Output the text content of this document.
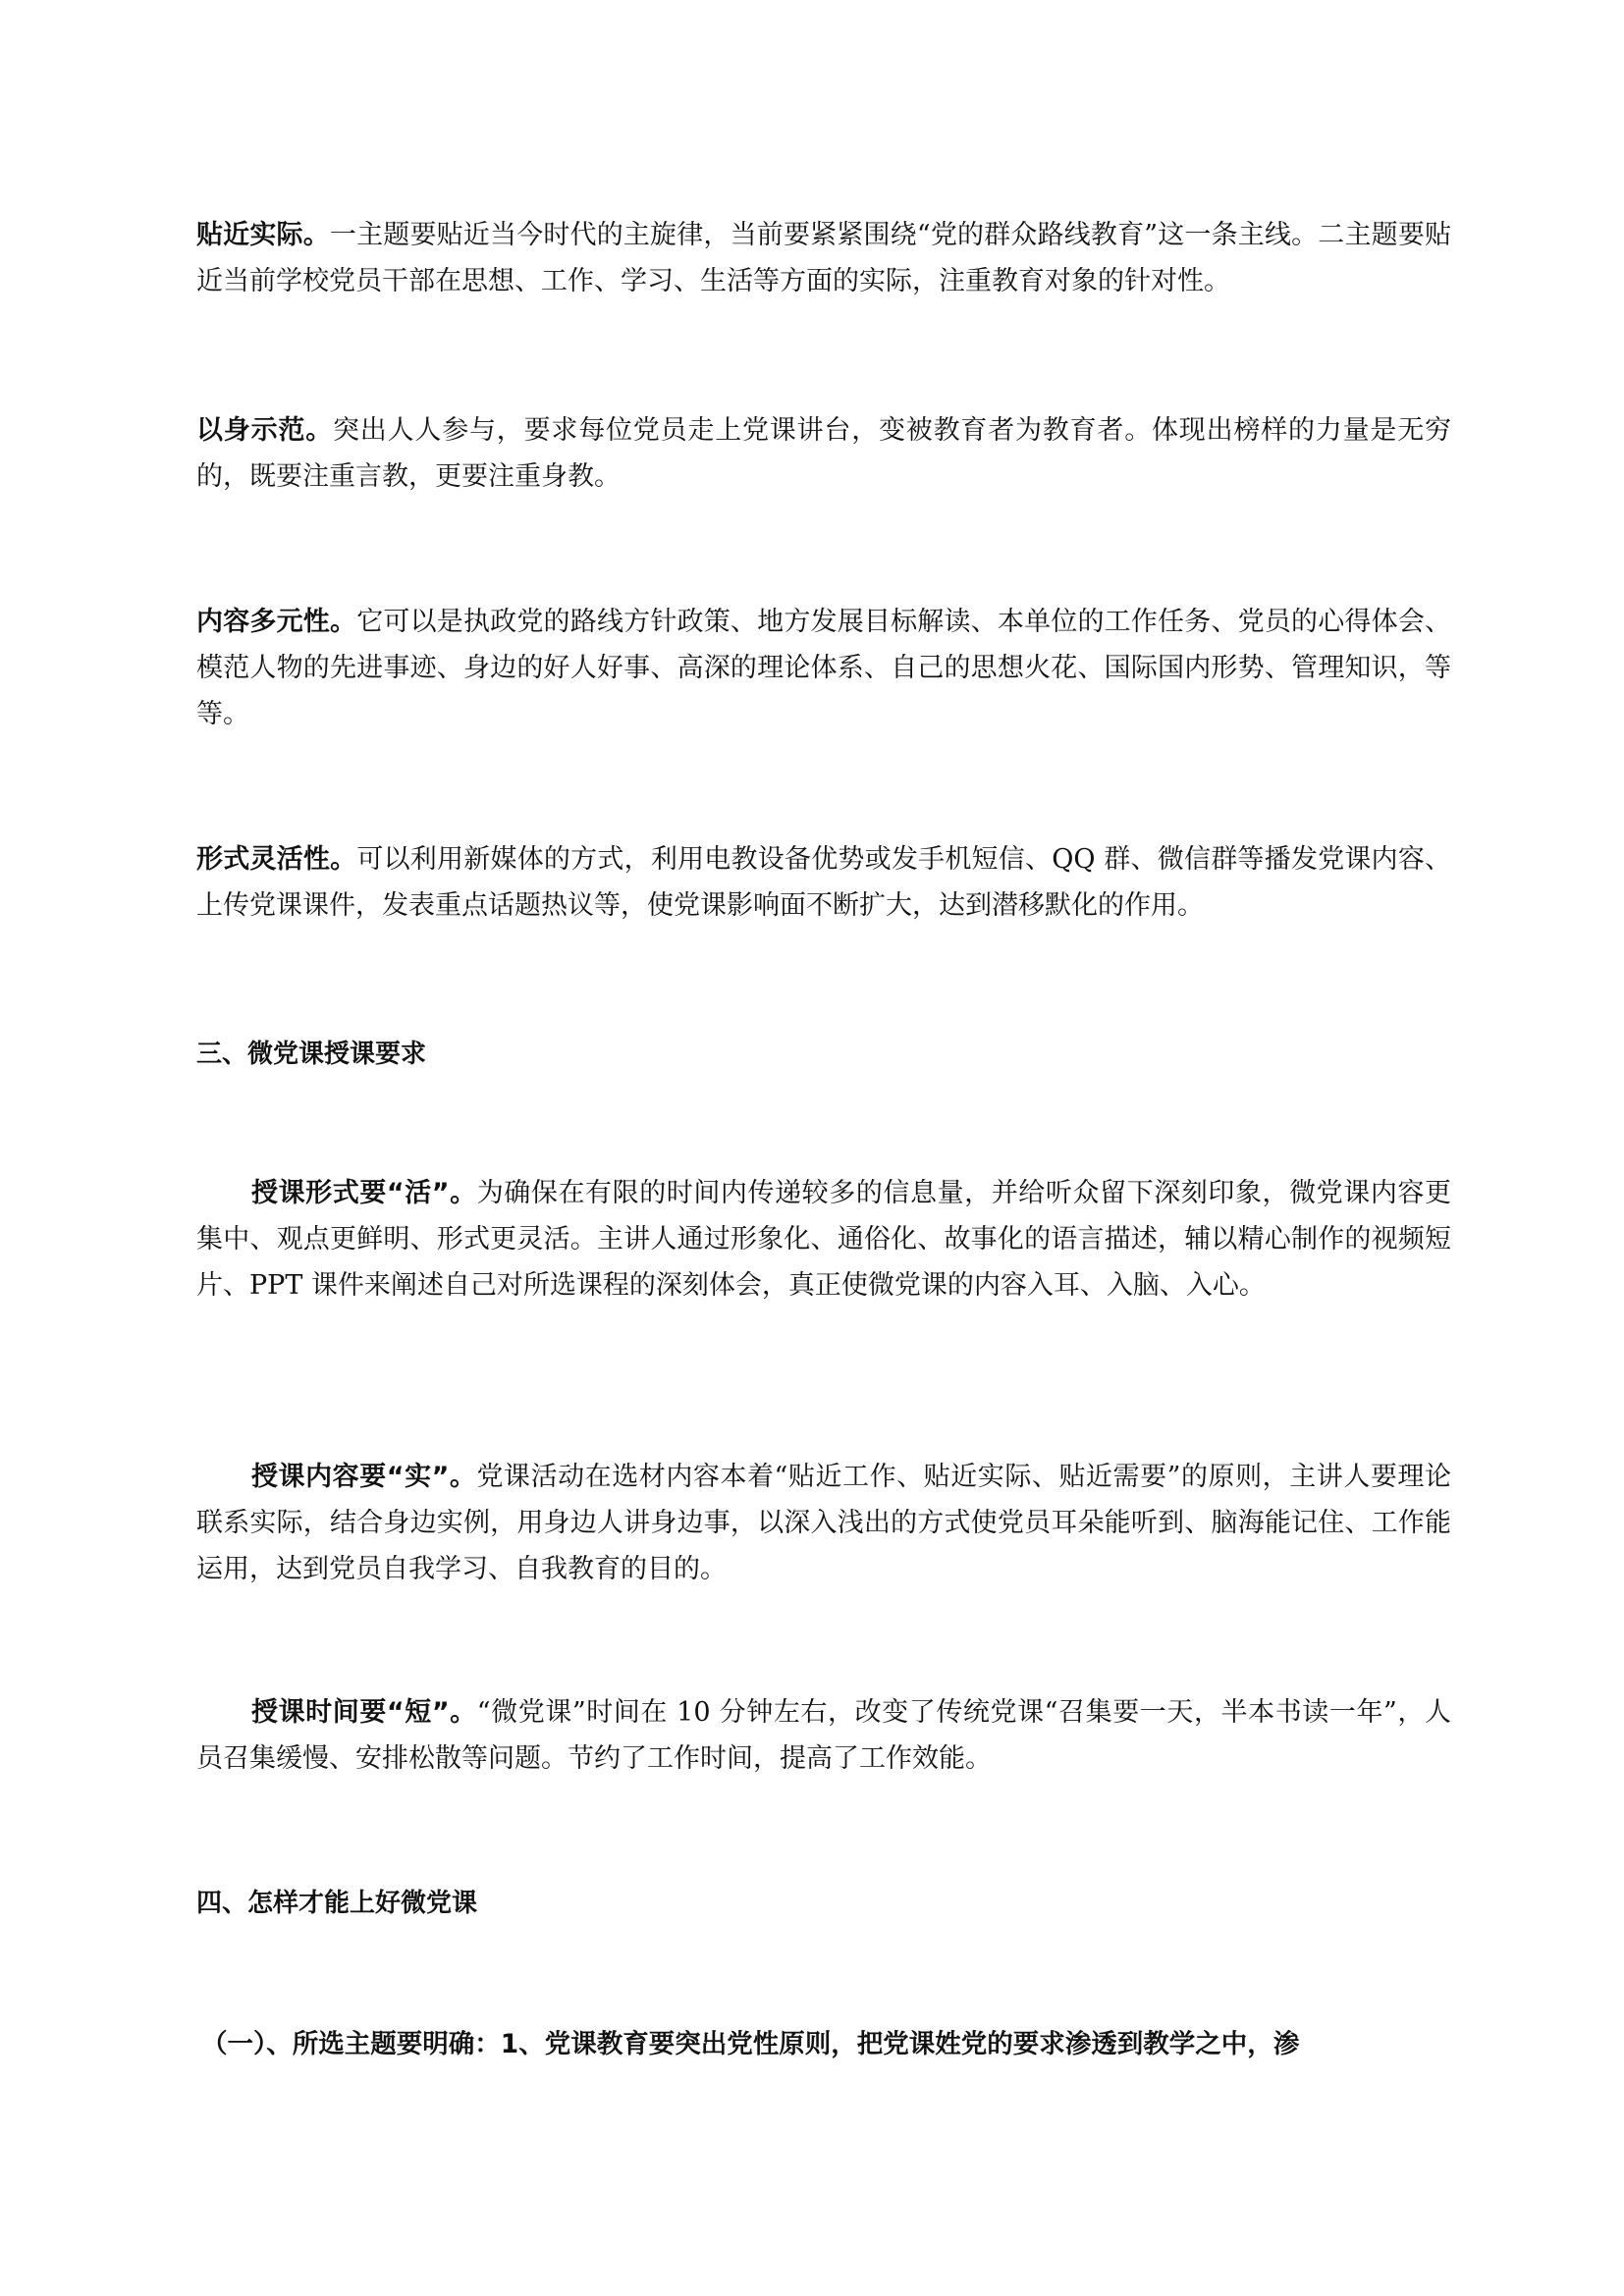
贴近实际。一主题要贴近当今时代的主旋律，当前要紧紧围绕“党的群众路线教育”这一条主线。二主题要贴近当前学校党员干部在思想、工作、学习、生活等方面的实际，注重教育对象的针对性。

以身示范。突出人人参与，要求每位党员走上党课讲台，变被教育者为教育者。体现出榜样的力量是无穷的，既要注重言教，更要注重身教。

内容多元性。它可以是执政党的路线方针政策、地方发展目标解读、本单位的工作任务、党员的心得体会、模范人物的先进事迹、身边的好人好事、高深的理论体系、自己的思想火花、国际国内形势、管理知识，等等。

形式灵活性。可以利用新媒体的方式，利用电教设备优势或发手机短信、QQ 群、微信群等播发党课内容、上传党课课件，发表重点话题热议等，使党课影响面不断扩大，达到潜移默化的作用。

三、微党课授课要求

授课形式要“活”。为确保在有限的时间内传递较多的信息量，并给听众留下深刻印象，微党课内容更集中、观点更鲜明、形式更灵活。主讲人通过形象化、通俗化、故事化的语言描述，辅以精心制作的视频短片、PPT 课件来阐述自己对所选课程的深刻体会，真正使微党课的内容入耳、入脑、入心。

授课内容要“实”。党课活动在选材内容本着“贴近工作、贴近实际、贴近需要”的原则，主讲人要理论联系实际，结合身边实例，用身边人讲身边事，以深入浅出的方式使党员耳朵能听到、脑海能记住、工作能运用，达到党员自我学习、自我教育的目的。

授课时间要“短”。“微党课”时间在 10 分钟左右，改变了传统党课“召集要一天，半本书读一年”，人员召集缓慢、安排松散等问题。节约了工作时间，提高了工作效能。

四、怎样才能上好微党课
（一）、所选主题要明确：1、党课教育要突出党性原则，把党课姓党的要求渗透到教学之中，渗
